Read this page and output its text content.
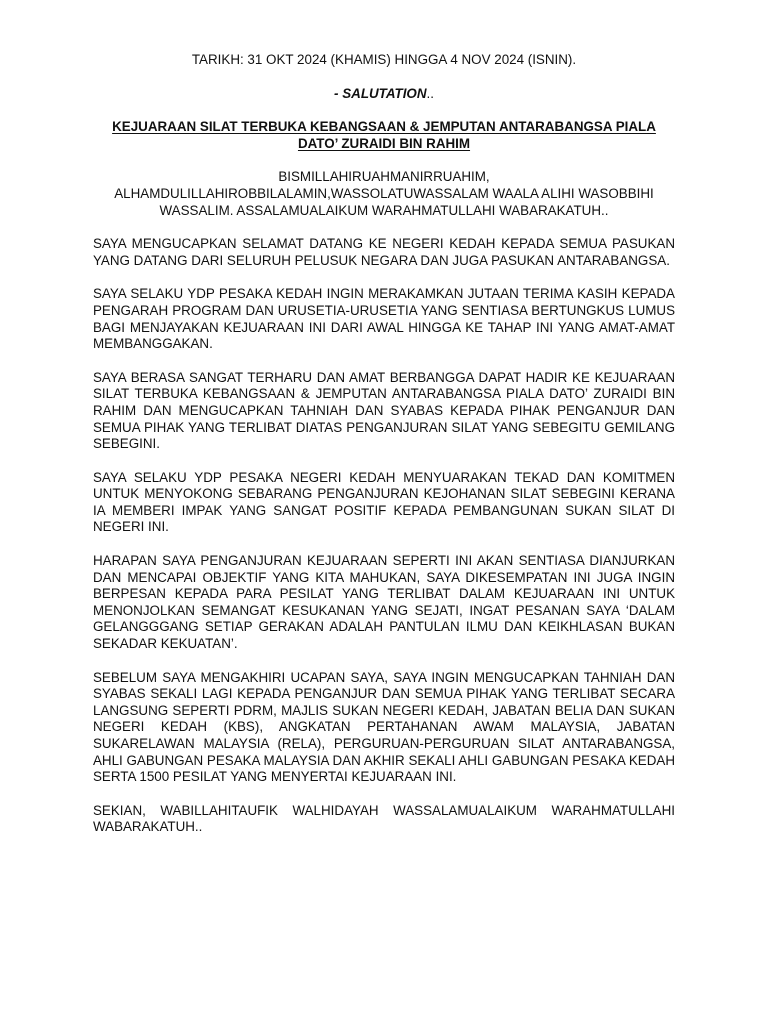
TARIKH: 31 OKT 2024 (KHAMIS) HINGGA 4 NOV 2024 (ISNIN).

- SALUTATION..

KEJUARAAN SILAT TERBUKA KEBANGSAAN & JEMPUTAN ANTARABANGSA PIALA DATO’ ZURAIDI BIN RAHIM

BISMILLAHIRUAHMANIRRUAHIM,
ALHAMDULILLAHIROBBILALAMIN,WASSOLATUWASSALAM WAALA ALIHI WASOBBIHI WASSALIM. ASSALAMUALAIKUM WARAHMATULLAHI WABARAKATUH..

SAYA MENGUCAPKAN SELAMAT DATANG KE NEGERI KEDAH KEPADA SEMUA PASUKAN YANG DATANG DARI SELURUH PELUSUK NEGARA DAN JUGA PASUKAN ANTARABANGSA.

SAYA SELAKU YDP PESAKA KEDAH INGIN MERAKAMKAN JUTAAN TERIMA KASIH KEPADA PENGARAH PROGRAM DAN URUSETIA-URUSETIA YANG SENTIASA BERTUNGKUS LUMUS BAGI MENJAYAKAN KEJUARAAN INI DARI AWAL HINGGA KE TAHAP INI YANG AMAT-AMAT MEMBANGGAKAN.

SAYA BERASA SANGAT TERHARU DAN AMAT BERBANGGA DAPAT HADIR KE KEJUARAAN SILAT TERBUKA KEBANGSAAN & JEMPUTAN ANTARABANGSA PIALA DATO’ ZURAIDI BIN RAHIM DAN MENGUCAPKAN TAHNIAH DAN SYABAS KEPADA PIHAK PENGANJUR DAN SEMUA PIHAK YANG TERLIBAT DIATAS PENGANJURAN SILAT YANG SEBEGITU GEMILANG SEBEGINI.

SAYA SELAKU YDP PESAKA NEGERI KEDAH MENYUARAKAN TEKAD DAN KOMITMEN UNTUK MENYOKONG SEBARANG PENGANJURAN KEJOHANAN SILAT SEBEGINI KERANA IA MEMBERI IMPAK YANG SANGAT POSITIF KEPADA PEMBANGUNAN SUKAN SILAT DI NEGERI INI.

HARAPAN SAYA PENGANJURAN KEJUARAAN SEPERTI INI AKAN SENTIASA DIANJURKAN DAN MENCAPAI OBJEKTIF YANG KITA MAHUKAN, SAYA DIKESEMPATAN INI JUGA INGIN BERPESAN KEPADA PARA PESILAT YANG TERLIBAT DALAM KEJUARAAN INI UNTUK MENONJOLKAN SEMANGAT KESUKANAN YANG SEJATI, INGAT PESANAN SAYA ‘DALAM GELANGGGANG SETIAP GERAKAN ADALAH PANTULAN ILMU DAN KEIKHLASAN BUKAN SEKADAR KEKUATAN’.

SEBELUM SAYA MENGAKHIRI UCAPAN SAYA, SAYA INGIN MENGUCAPKAN TAHNIAH DAN SYABAS SEKALI LAGI KEPADA PENGANJUR DAN SEMUA PIHAK YANG TERLIBAT SECARA LANGSUNG SEPERTI PDRM, MAJLIS SUKAN NEGERI KEDAH, JABATAN BELIA DAN SUKAN NEGERI KEDAH (KBS), ANGKATAN PERTAHANAN AWAM MALAYSIA, JABATAN SUKARELAWAN MALAYSIA (RELA), PERGURUAN-PERGURUAN SILAT ANTARABANGSA, AHLI GABUNGAN PESAKA MALAYSIA DAN AKHIR SEKALI AHLI GABUNGAN PESAKA KEDAH SERTA 1500 PESILAT YANG MENYERTAI KEJUARAAN INI.

SEKIAN, WABILLAHITAUFIK WALHIDAYAH WASSALAMUALAIKUM WARAHMATULLAHI WABARAKATUH..
